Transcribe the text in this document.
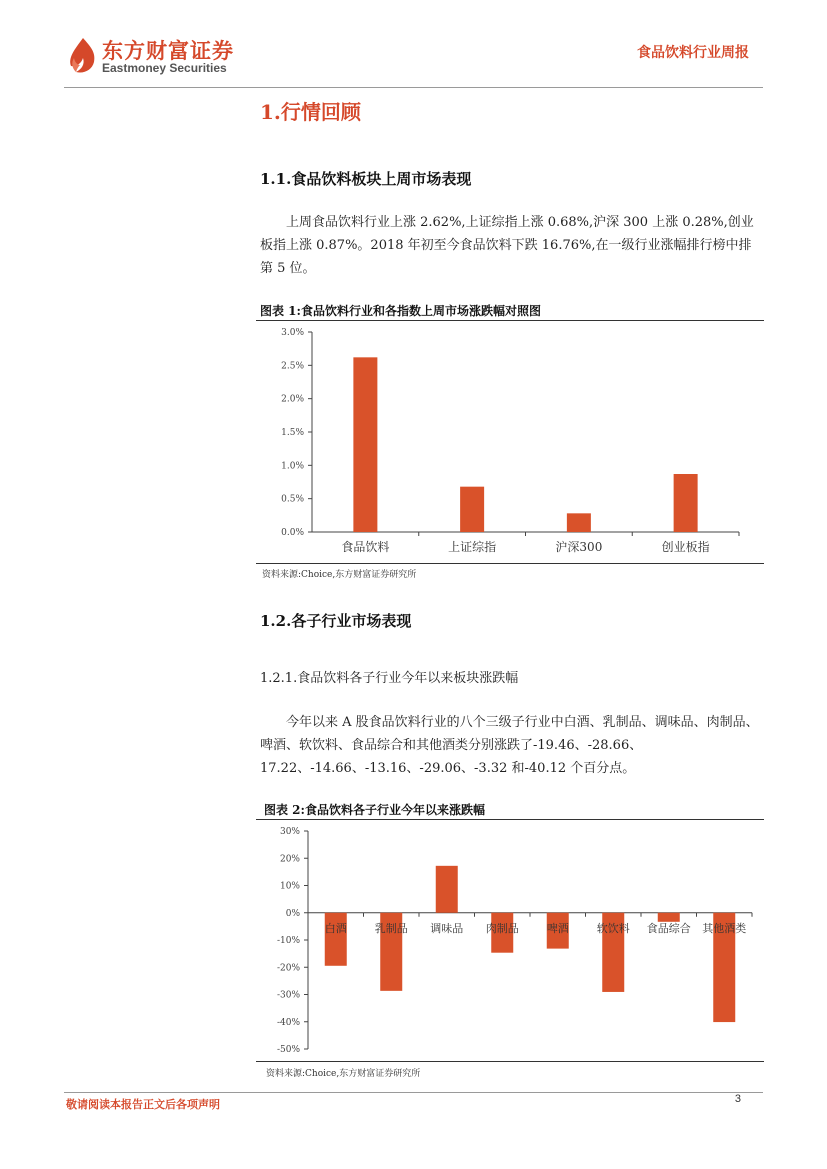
东方财富证券
Eastmoney Securities
食品饮料行业周报
1.行情回顾
1.1.食品饮料板块上周市场表现
上周食品饮料行业上涨 2.62%,上证综指上涨 0.68%,沪深 300 上涨 0.28%,创业板指上涨 0.87%。2018 年初至今食品饮料下跌 16.76%,在一级行业涨幅排行榜中排第 5 位。
图表 1:食品饮料行业和各指数上周市场涨跌幅对照图
0.0%
0.5%
1.0%
1.5%
2.0%
2.5%
3.0%
食品饮料	上证综指	沪深300	创业板指
资料来源:Choice,东方财富证券研究所
1.2.各子行业市场表现
1.2.1.食品饮料各子行业今年以来板块涨跌幅
今年以来 A 股食品饮料行业的八个三级子行业中白酒、乳制品、调味品、肉制品、啤酒、软饮料、食品综合和其他酒类分别涨跌了-19.46、-28.66、17.22、-14.66、-13.16、-29.06、-3.32 和-40.12 个百分点。
图表 2:食品饮料各子行业今年以来涨跌幅
-50%
-40%
-30%
-20%
-10%
0%
10%
20%
30%
白酒	乳制品 调味品 肉制品	啤酒	软饮料 食品综合 其他酒类
资料来源:Choice,东方财富证券研究所
敬请阅读本报告正文后各项声明	3
